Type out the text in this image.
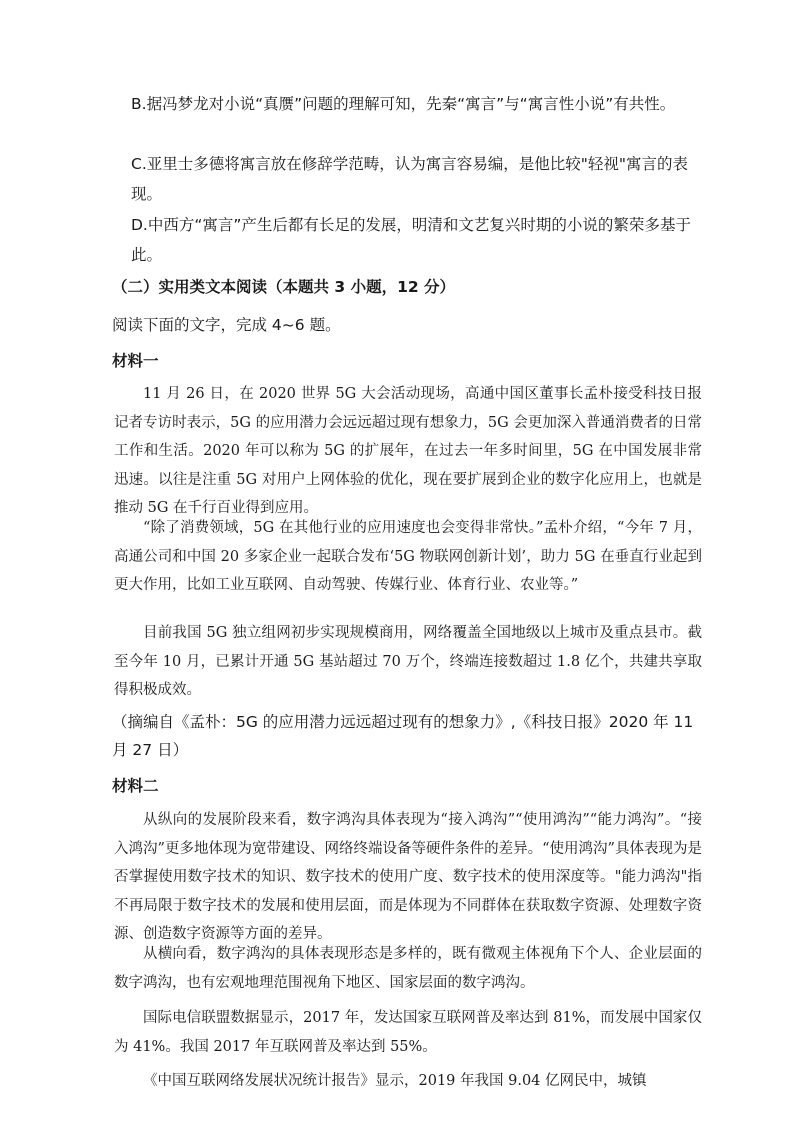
B.据冯梦龙对小说“真赝”问题的理解可知，先秦“寓言”与“寓言性小说”有共性。
C.亚里士多德将寓言放在修辞学范畴，认为寓言容易编，是他比较"轻视"寓言的表现。
D.中西方“寓言”产生后都有长足的发展，明清和文艺复兴时期的小说的繁荣多基于此。
（二）实用类文本阅读（本题共 3 小题，12 分）
阅读下面的文字，完成 4~6 题。
材料一
11 月 26 日，在 2020 世界 5G 大会活动现场，高通中国区董事长孟朴接受科技日报记者专访时表示，5G 的应用潜力会远远超过现有想象力，5G 会更加深入普通消费者的日常工作和生活。2020 年可以称为 5G 的扩展年，在过去一年多时间里，5G 在中国发展非常迅速。以往是注重 5G 对用户上网体验的优化，现在要扩展到企业的数字化应用上，也就是推动 5G 在千行百业得到应用。
“除了消费领域，5G 在其他行业的应用速度也会变得非常快。”孟朴介绍，“今年 7 月，高通公司和中国 20 多家企业一起联合发布‘5G 物联网创新计划’，助力 5G 在垂直行业起到更大作用，比如工业互联网、自动驾驶、传媒行业、体育行业、农业等。”
目前我国 5G 独立组网初步实现规模商用，网络覆盖全国地级以上城市及重点县市。截至今年 10 月，已累计开通 5G 基站超过 70 万个，终端连接数超过 1.8 亿个，共建共享取得积极成效。
（摘编自《孟朴：5G 的应用潜力远远超过现有的想象力》,《科技日报》2020 年 11 月 27 日）
材料二
从纵向的发展阶段来看，数字鸿沟具体表现为“接入鸿沟”“使用鸿沟”“能力鸿沟”。“接入鸿沟”更多地体现为宽带建设、网络终端设备等硬件条件的差异。“使用鸿沟”具体表现为是否掌握使用数字技术的知识、数字技术的使用广度、数字技术的使用深度等。"能力鸿沟"指不再局限于数字技术的发展和使用层面，而是体现为不同群体在获取数字资源、处理数字资源、创造数字资源等方面的差异。
从横向看，数字鸿沟的具体表现形态是多样的，既有微观主体视角下个人、企业层面的数字鸿沟，也有宏观地理范围视角下地区、国家层面的数字鸿沟。
国际电信联盟数据显示，2017 年，发达国家互联网普及率达到 81%，而发展中国家仅为 41%。我国 2017 年互联网普及率达到 55%。
《中国互联网络发展状况统计报告》显示，2019 年我国 9.04 亿网民中，城镇
